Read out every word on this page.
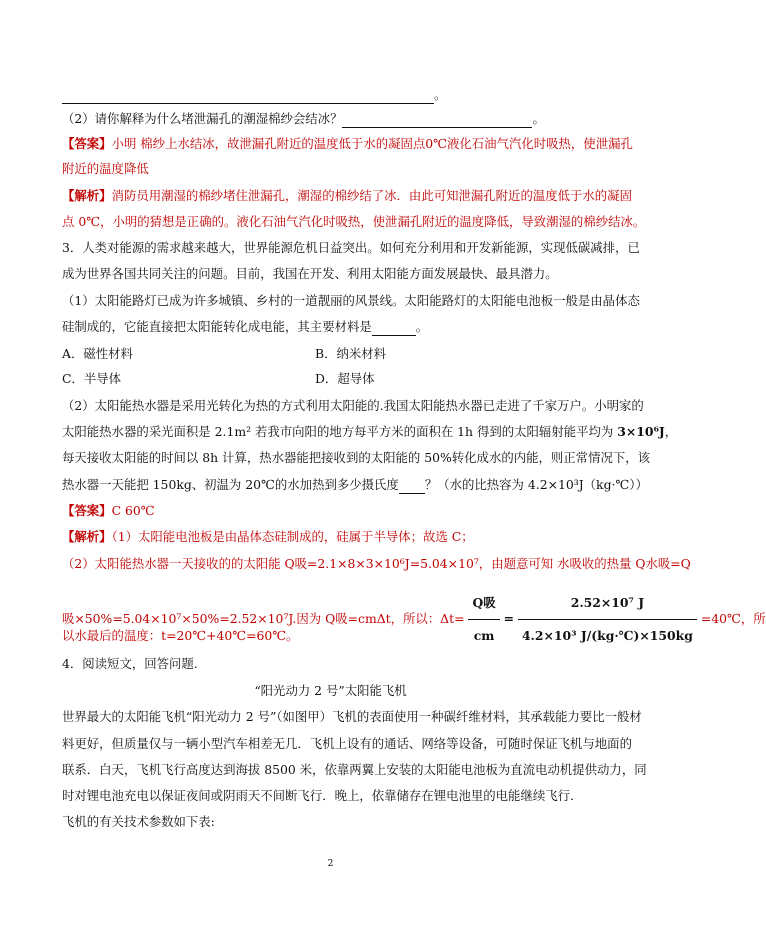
。
（2）请你解释为什么堵泄漏孔的潮湿棉纱会结冰？	。
【答案】小明 棉纱上水结冰，故泄漏孔附近的温度低于水的凝固点0℃液化石油气汽化时吸热，使泄漏孔
附近的温度降低
【解析】消防员用潮湿的棉纱堵住泄漏孔，潮湿的棉纱结了冰．由此可知泄漏孔附近的温度低于水的凝固
点 0℃，小明的猜想是正确的。液化石油气汽化时吸热，使泄漏孔附近的温度降低，导致潮湿的棉纱结冰。
3．人类对能源的需求越来越大，世界能源危机日益突出。如何充分利用和开发新能源，实现低碳减排，已
成为世界各国共同关注的问题。目前，我国在开发、利用太阳能方面发展最快、最具潜力。
（1）太阳能路灯已成为许多城镇、乡村的一道靓丽的风景线。太阳能路灯的太阳能电池板一般是由晶体态
硅制成的，它能直接把太阳能转化成电能，其主要材料是	。
A．磁性材料	B．纳米材料
C．半导体	D．超导体
（2）太阳能热水器是采用光转化为热的方式利用太阳能的.我国太阳能热水器已走进了千家万户。小明家的
太阳能热水器的采光面积是 2.1m² 若我市向阳的地方每平方米的面积在 1h 得到的太阳辐射能平均为 3×10⁶J，
每天接收太阳能的时间以 8h 计算，热水器能把接收到的太阳能的 50%转化成水的内能，则正常情况下，该
热水器一天能把 150kg、初温为 20℃的水加热到多少摄氏度 ？（水的比热容为 4.2×10³J（kg·℃））
【答案】C 60℃
【解析】（1）太阳能电池板是由晶体态硅制成的，硅属于半导体；故选 C；
（2）太阳能热水器一天接收的的太阳能 Q吸=2.1×8×3×10⁶J=5.04×10⁷，由题意可知 水吸收的热量 Q水吸=Q
吸×50%=5.04×10⁷×50%=2.52×10⁷J.因为 Q吸=cmΔt，所以：$\Delta t= \frac{\text{Q吸}}{cm} = \frac{\text{2.52×10⁷ J}}{\text{4.2×10³ J/(kg·℃)×150kg}}$ =40℃，所
以水最后的温度：t=20℃+40℃=60℃。
4．阅读短文，回答问题.
“阳光动力 2 号”太阳能飞机
世界最大的太阳能飞机“阳光动力 2 号”（如图甲）飞机的表面使用一种碳纤维材料，其承载能力要比一般材
料更好，但质量仅与一辆小型汽车相差无几．飞机上设有的通话、网络等设备，可随时保证飞机与地面的
联系．白天，飞机飞行高度达到海拔 8500 米，依靠两翼上安装的太阳能电池板为直流电动机提供动力，同
时对锂电池充电以保证夜间或阴雨天不间断飞行．晚上，依靠储存在锂电池里的电能继续飞行．
飞机的有关技术参数如下表:
2
